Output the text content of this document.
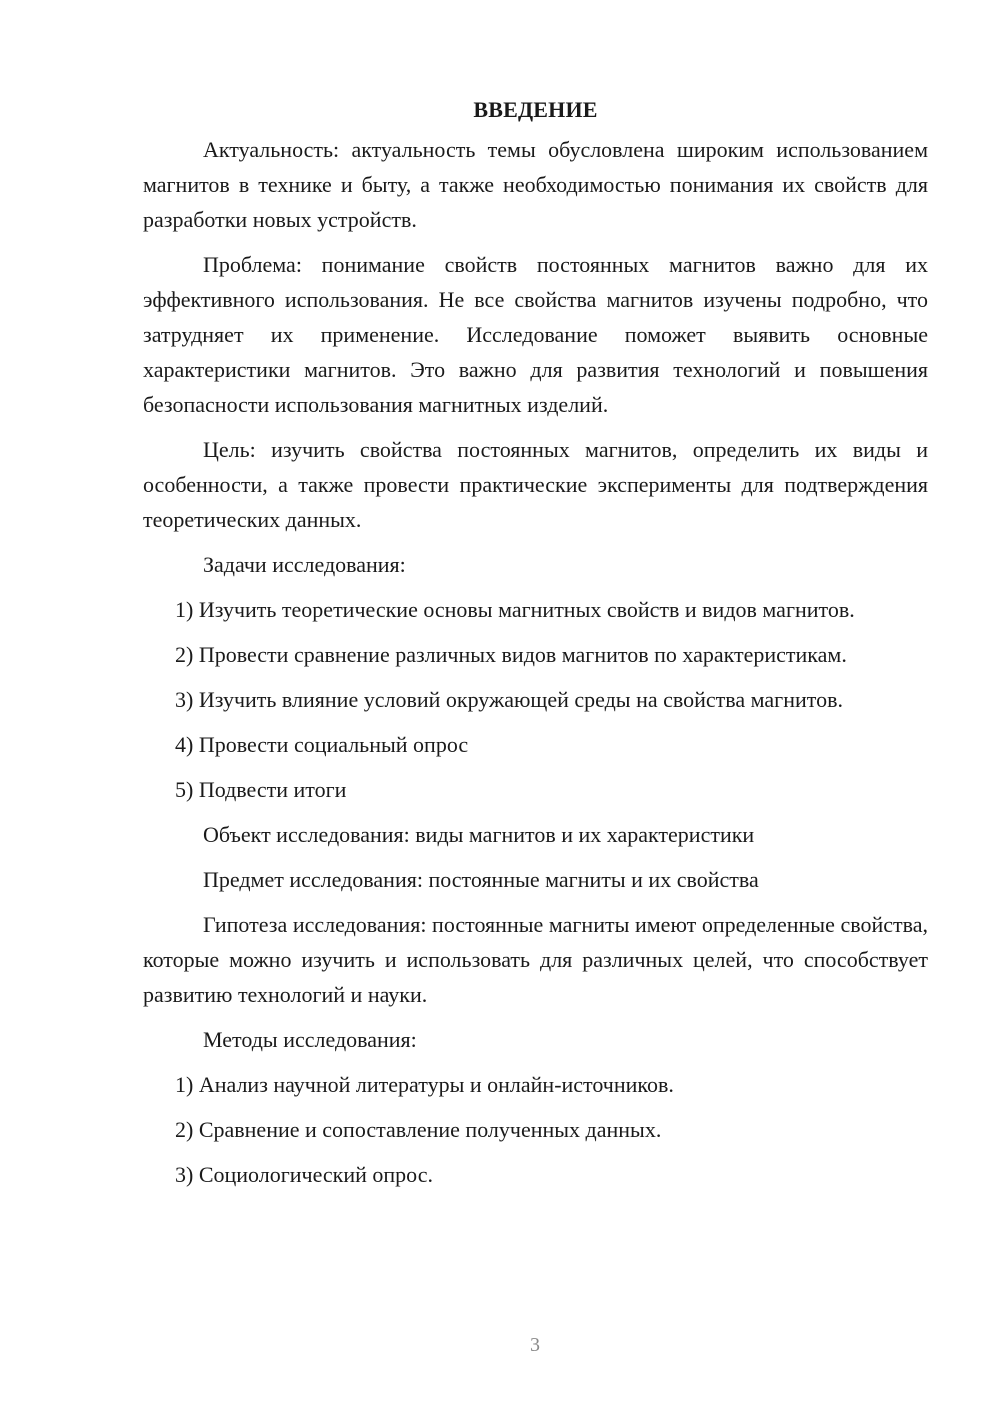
ВВЕДЕНИЕ

Актуальность: актуальность темы обусловлена широким использованием магнитов в технике и быту, а также необходимостью понимания их свойств для разработки новых устройств.

Проблема: понимание свойств постоянных магнитов важно для их эффективного использования. Не все свойства магнитов изучены подробно, что затрудняет их применение. Исследование поможет выявить основные характеристики магнитов. Это важно для развития технологий и повышения безопасности использования магнитных изделий.

Цель: изучить свойства постоянных магнитов, определить их виды и особенности, а также провести практические эксперименты для подтверждения теоретических данных.

Задачи исследования:

1) Изучить теоретические основы магнитных свойств и видов магнитов.

2) Провести сравнение различных видов магнитов по характеристикам.

3) Изучить влияние условий окружающей среды на свойства магнитов.

4) Провести социальный опрос

5) Подвести итоги

Объект исследования: виды магнитов и их характеристики

Предмет исследования: постоянные магниты и их свойства

Гипотеза исследования: постоянные магниты имеют определенные свойства, которые можно изучить и использовать для различных целей, что способствует развитию технологий и науки.

Методы исследования:

1) Анализ научной литературы и онлайн-источников.

2) Сравнение и сопоставление полученных данных.

3) Социологический опрос.

3
